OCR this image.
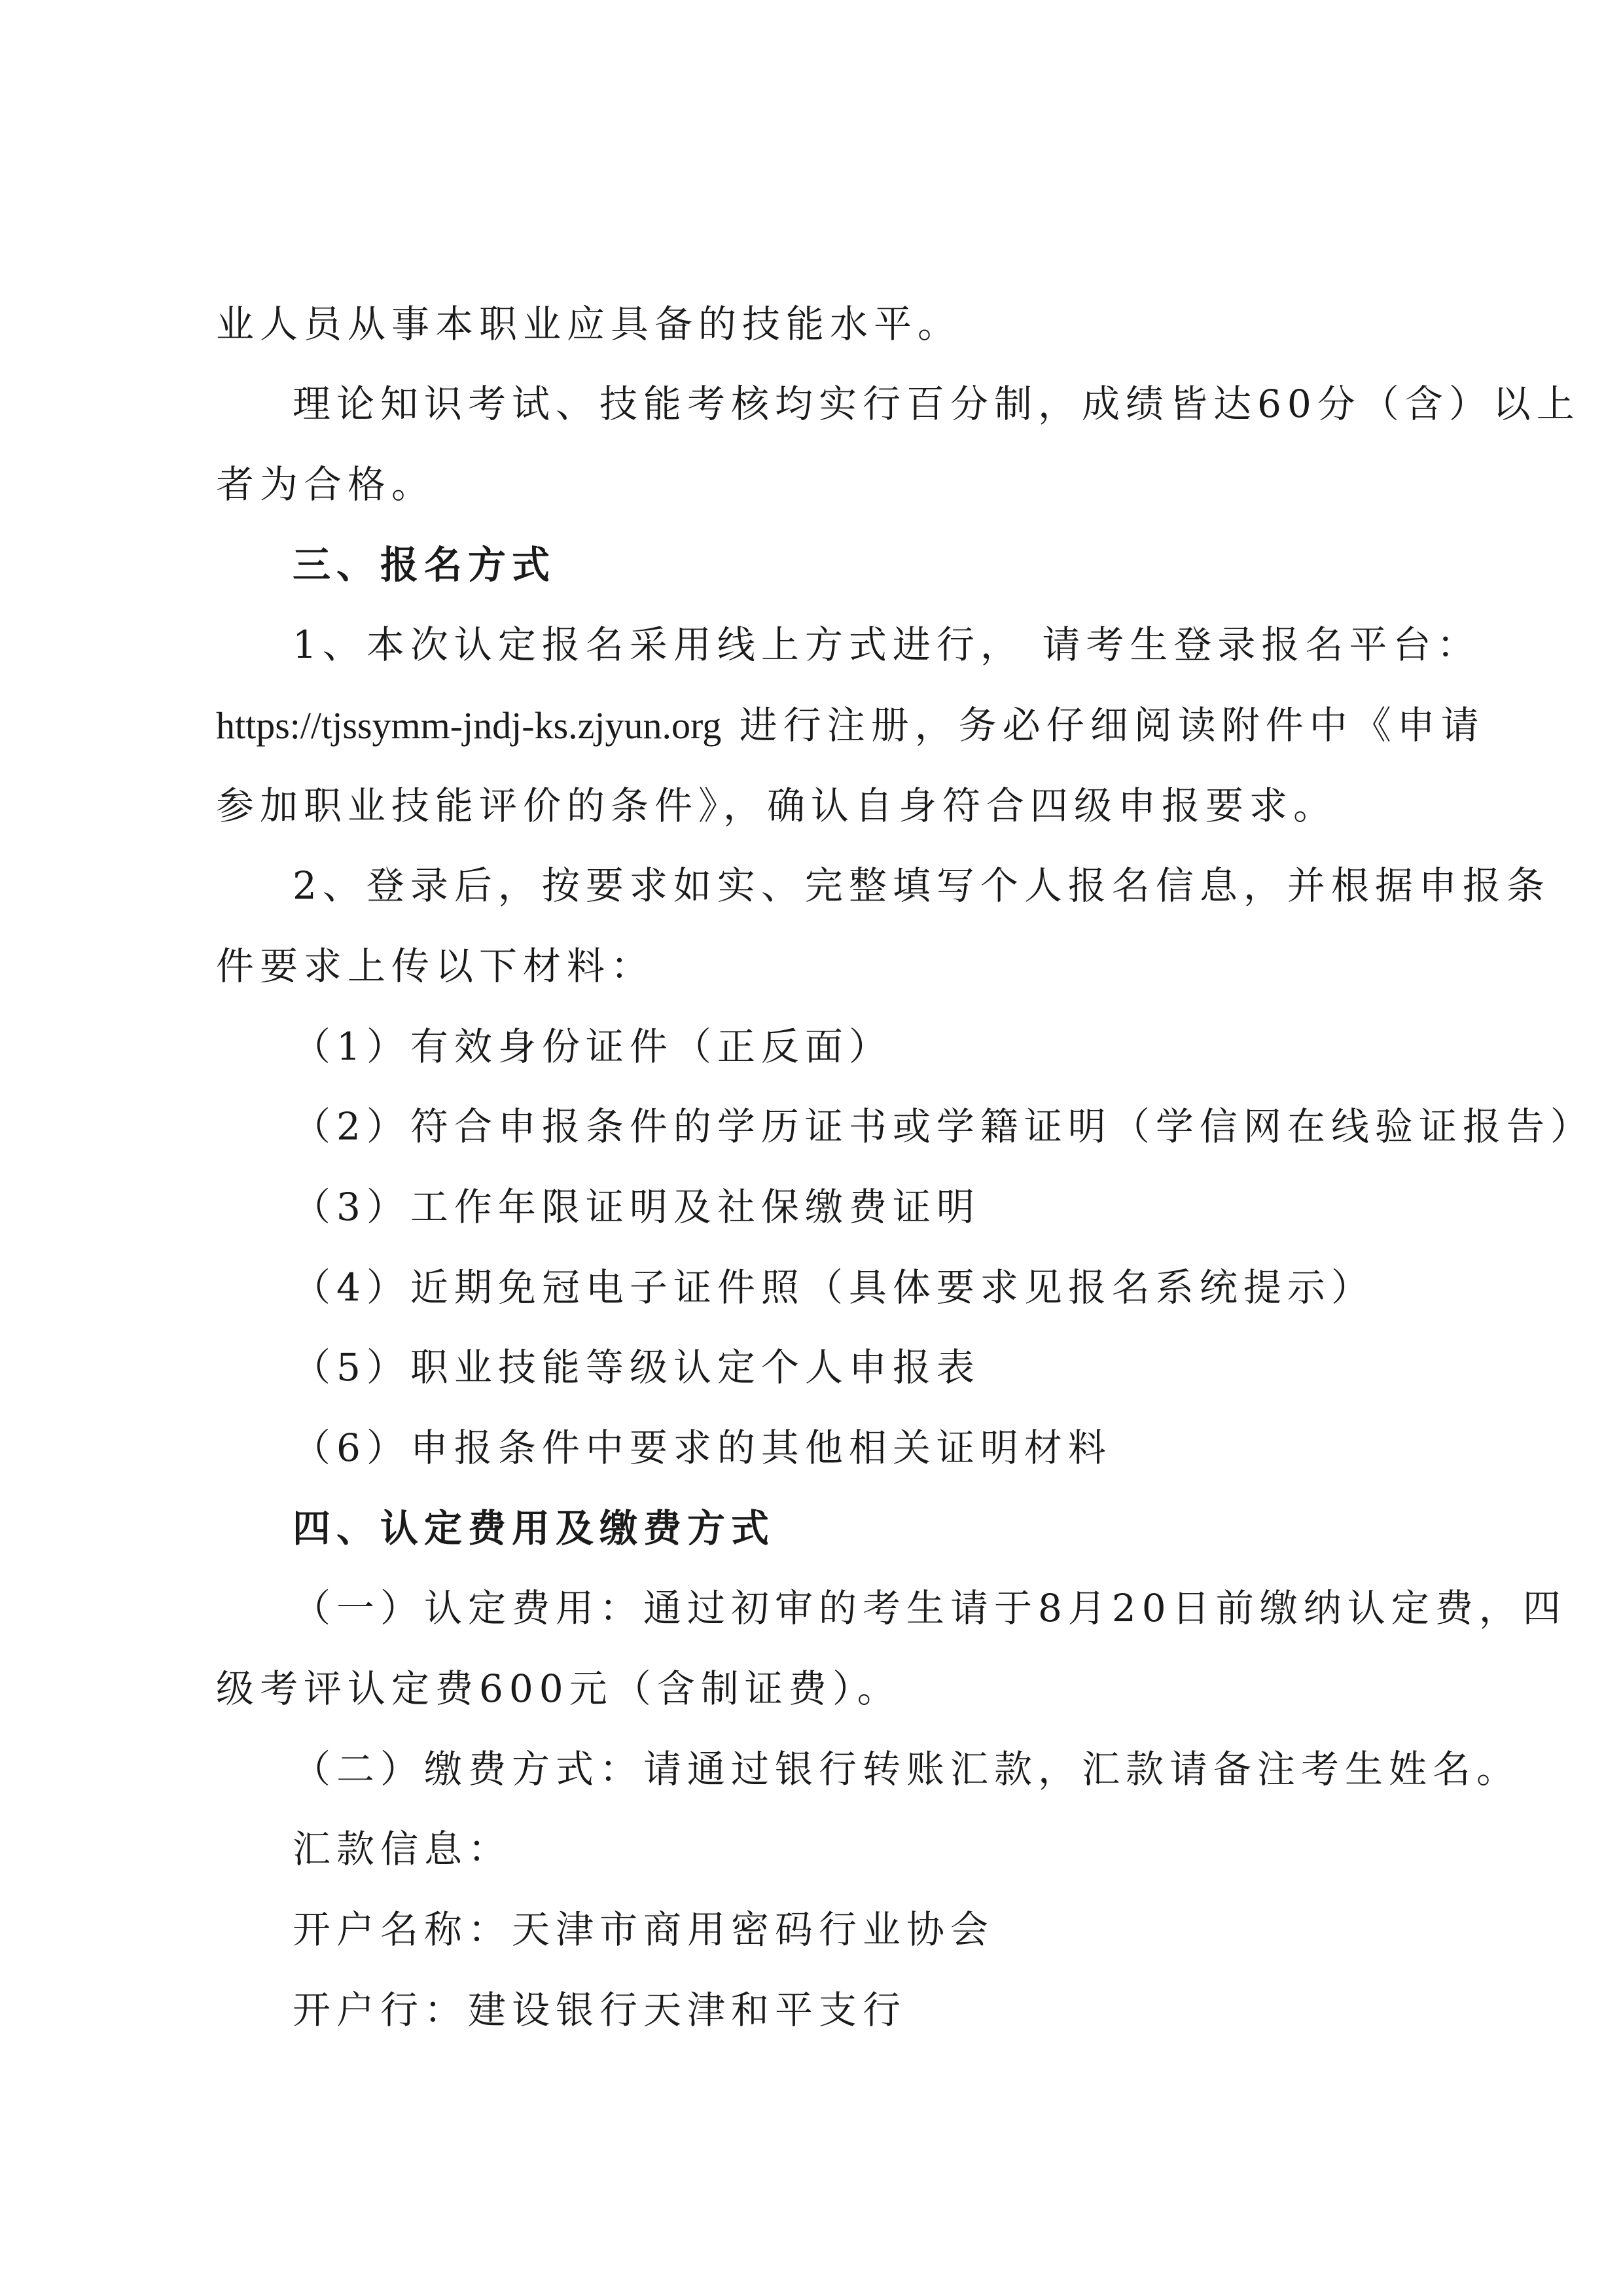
业人员从事本职业应具备的技能水平。
理论知识考试、技能考核均实行百分制，成绩皆达60分（含）以上
者为合格。
三、报名方式
1、本次认定报名采用线上方式进行， 请考生登录报名平台：
https://tjssymm-jndj-ks.zjyun.org 进行注册，务必仔细阅读附件中《申请
参加职业技能评价的条件》，确认自身符合四级申报要求。
2、登录后，按要求如实、完整填写个人报名信息，并根据申报条
件要求上传以下材料：
（1）有效身份证件（正反面）
（2）符合申报条件的学历证书或学籍证明（学信网在线验证报告）
（3）工作年限证明及社保缴费证明
（4）近期免冠电子证件照（具体要求见报名系统提示）
（5）职业技能等级认定个人申报表
（6）申报条件中要求的其他相关证明材料
四、认定费用及缴费方式
（一）认定费用：通过初审的考生请于8月20日前缴纳认定费，四
级考评认定费600元（含制证费）。
（二）缴费方式：请通过银行转账汇款，汇款请备注考生姓名。
汇款信息：
开户名称：天津市商用密码行业协会
开户行：建设银行天津和平支行
